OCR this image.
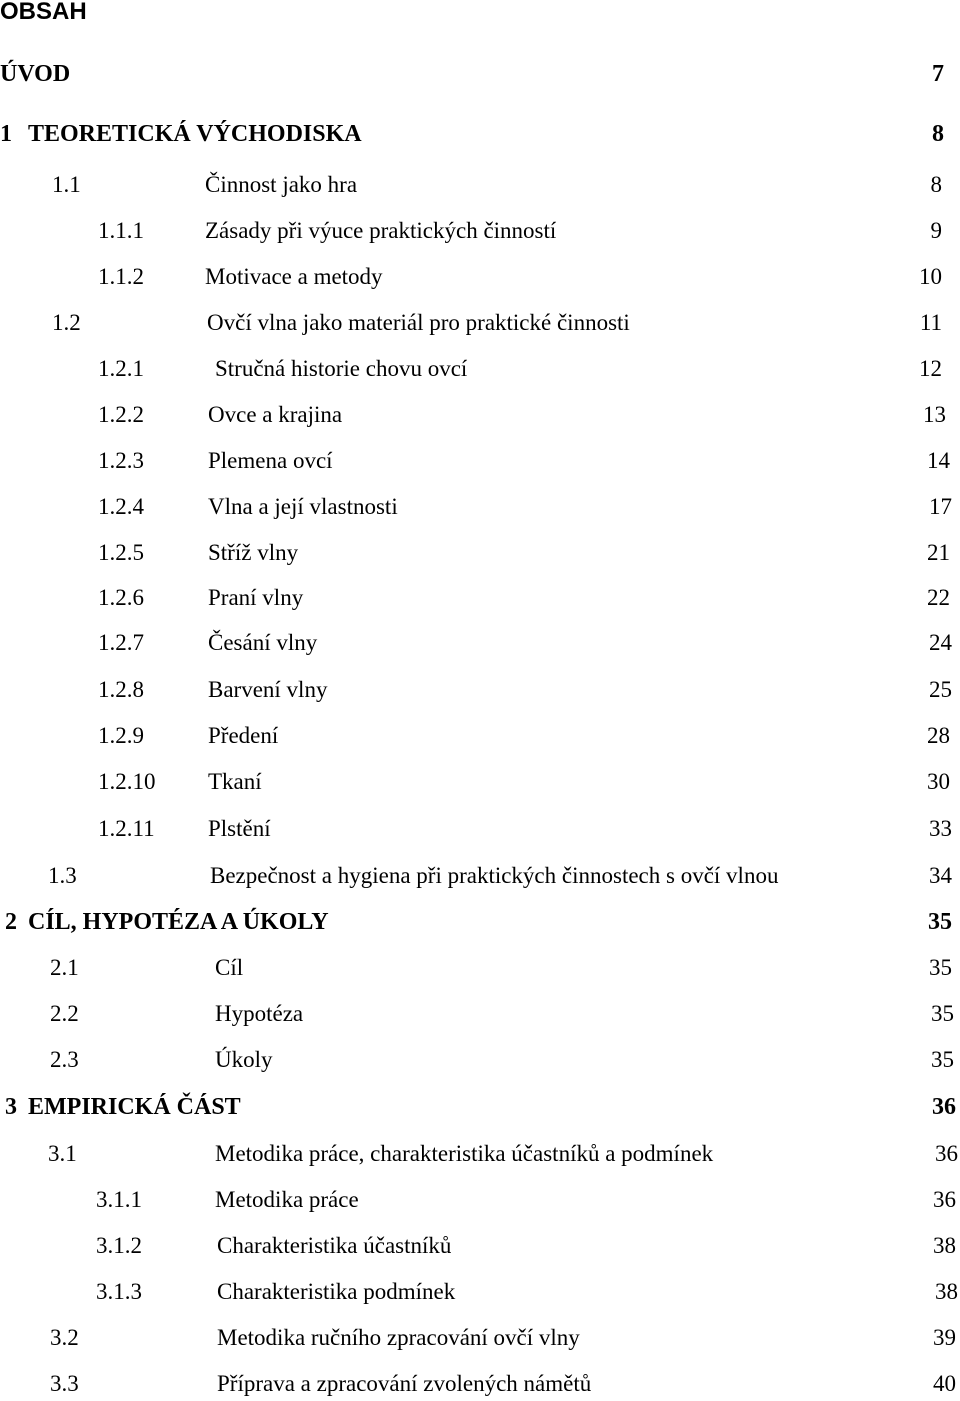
OBSAH
ÚVOD	7
1 TEORETICKÁ VÝCHODISKA	8
1.1	Činnost jako hra	8
1.1.1	Zásady při výuce praktických činností	9
1.1.2	Motivace a metody	10
1.2	Ovčí vlna jako materiál pro praktické činnosti	11
1.2.1	Stručná historie chovu ovcí	12
1.2.2	Ovce a krajina	13
1.2.3	Plemena ovcí	14
1.2.4	Vlna a její vlastnosti	17
1.2.5	Stříž vlny	21
1.2.6	Praní vlny	22
1.2.7	Česání vlny	24
1.2.8	Barvení vlny	25
1.2.9	Předení	28
1.2.10 Tkaní	30
1.2.11 Plstění	33
1.3	Bezpečnost a hygiena při praktických činnostech s ovčí vlnou	34
2 CÍL, HYPOTÉZA A ÚKOLY	35
2.1	Cíl	35
2.2	Hypotéza	35
2.3	Úkoly	35
3 EMPIRICKÁ ČÁST	36
3.1	Metodika práce, charakteristika účastníků a podmínek	36
3.1.1	Metodika práce	36
3.1.2	Charakteristika účastníků	38
3.1.3	Charakteristika podmínek	38
3.2	Metodika ručního zpracování ovčí vlny	39
3.3	Příprava a zpracování zvolených námětů	40
